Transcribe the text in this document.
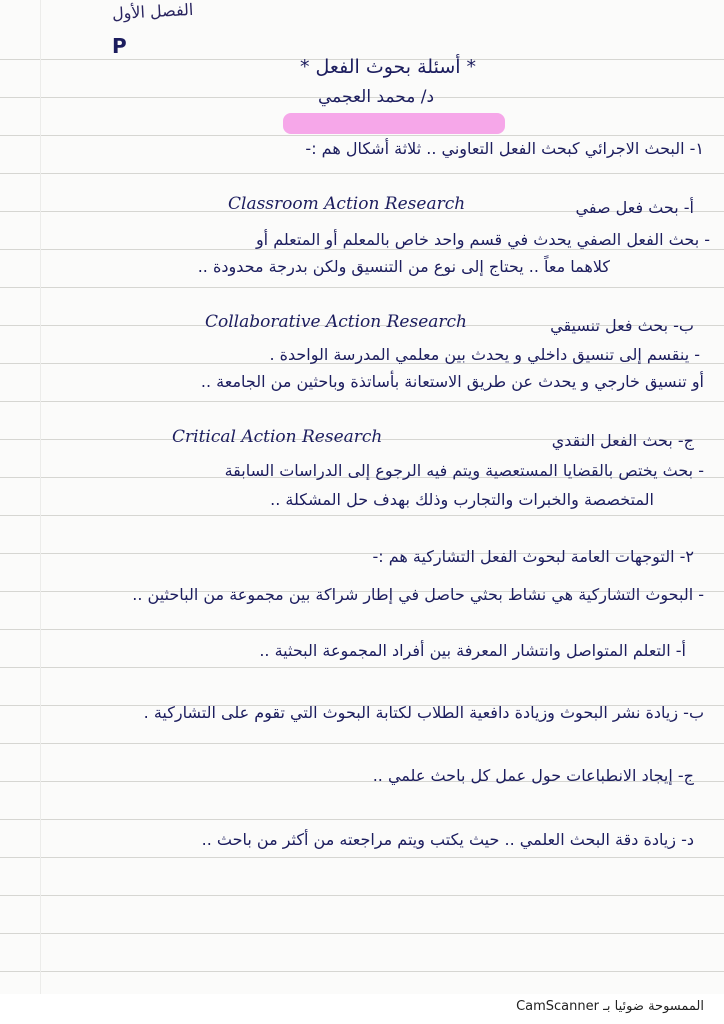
الفصل الأول
P
* أسئلة بحوث الفعل *
د/ محمد العجمي
١- البحث الاجرائي كبحث الفعل التعاوني .. ثلاثة أشكال هم :-
أ- بحث فعل صفي
Classroom Action Research
- بحث الفعل الصفي يحدث في قسم واحد خاص بالمعلم أو المتعلم أو
كلاهما معاً .. يحتاج إلى نوع من التنسيق ولكن بدرجة محدودة ..
ب- بحث فعل تنسيقي
Collaborative Action Research
- ينقسم إلى تنسيق داخلي و يحدث بين معلمي المدرسة الواحدة .
أو تنسيق خارجي و يحدث عن طريق الاستعانة بأساتذة وباحثين من الجامعة ..
ج- بحث الفعل النقدي
Critical Action Research
- بحث يختص بالقضايا المستعصية ويتم فيه الرجوع إلى الدراسات السابقة
المتخصصة والخبرات والتجارب وذلك بهدف حل المشكلة ..
٢- التوجهات العامة لبحوث الفعل التشاركية هم :-
- البحوث التشاركية هي نشاط بحثي حاصل في إطار شراكة بين مجموعة من الباحثين ..
أ- التعلم المتواصل وانتشار المعرفة بين أفراد المجموعة البحثية ..
ب- زيادة نشر البحوث وزيادة دافعية الطلاب لكتابة البحوث التي تقوم على التشاركية .
ج- إيجاد الانطباعات حول عمل كل باحث علمي ..
د- زيادة دقة البحث العلمي .. حيث يكتب ويتم مراجعته من أكثر من باحث ..
الممسوحة ضوئيا بـ CamScanner
